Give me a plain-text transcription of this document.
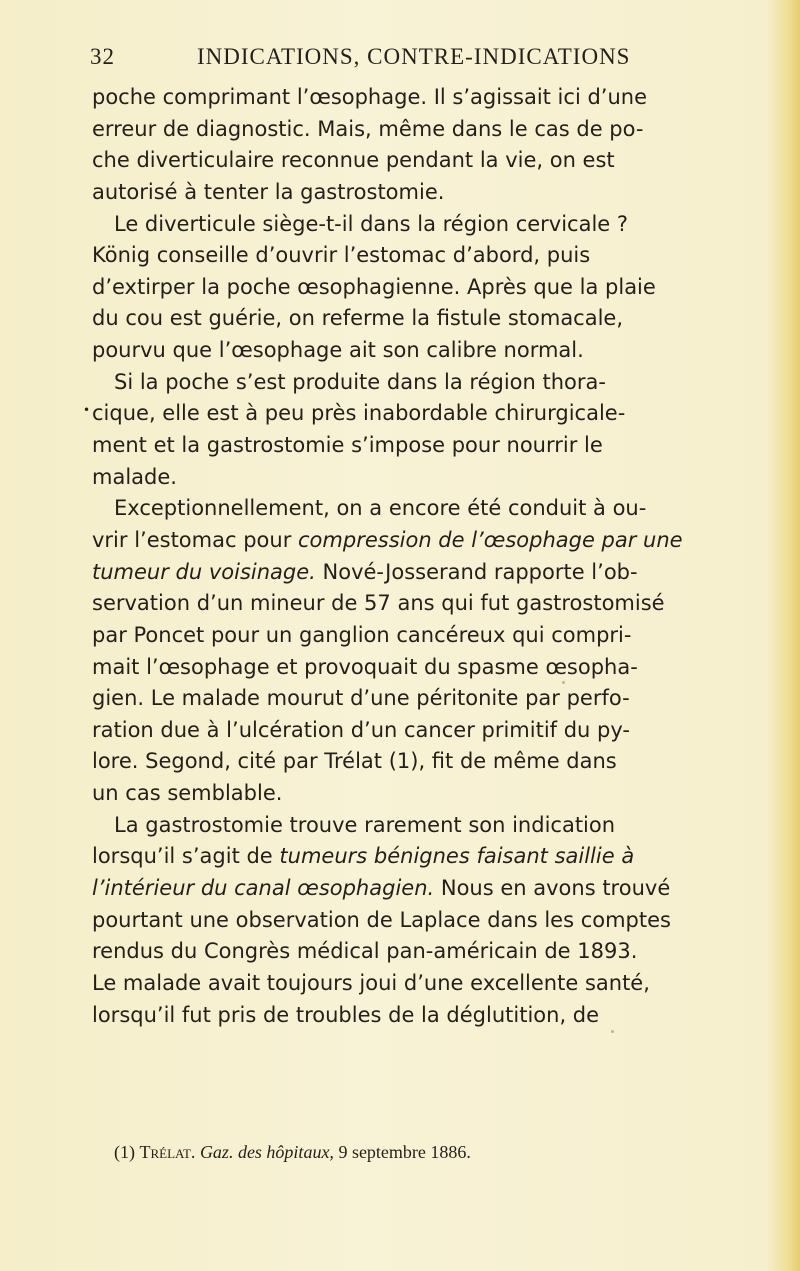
32	INDICATIONS, CONTRE-INDICATIONS
poche comprimant l’œsophage. Il s’agissait ici d’une
erreur de diagnostic. Mais, même dans le cas de po-
che diverticulaire reconnue pendant la vie, on est
autorisé à tenter la gastrostomie.
Le diverticule siège-t-il dans la région cervicale ?
König conseille d’ouvrir l’estomac d’abord, puis
d’extirper la poche œsophagienne. Après que la plaie
du cou est guérie, on referme la fistule stomacale,
pourvu que l’œsophage ait son calibre normal.
Si la poche s’est produite dans la région thora-
cique, elle est à peu près inabordable chirurgicale-
ment et la gastrostomie s’impose pour nourrir le
malade.
Exceptionnellement, on a encore été conduit à ou-
vrir l’estomac pour compression de l’œsophage par une
tumeur du voisinage. Nové-Josserand rapporte l’ob-
servation d’un mineur de 57 ans qui fut gastrostomisé
par Poncet pour un ganglion cancéreux qui compri-
mait l’œsophage et provoquait du spasme œsopha-
gien. Le malade mourut d’une péritonite par perfo-
ration due à l’ulcération d’un cancer primitif du py-
lore. Segond, cité par Trélat (1), fit de même dans
un cas semblable.
La gastrostomie trouve rarement son indication
lorsqu’il s’agit de tumeurs bénignes faisant saillie à
l’intérieur du canal œsophagien. Nous en avons trouvé
pourtant une observation de Laplace dans les comptes
rendus du Congrès médical pan-américain de 1893.
Le malade avait toujours joui d’une excellente santé,
lorsqu’il fut pris de troubles de la déglutition, de
(1) Trélat. Gaz. des hôpitaux, 9 septembre 1886.
•
